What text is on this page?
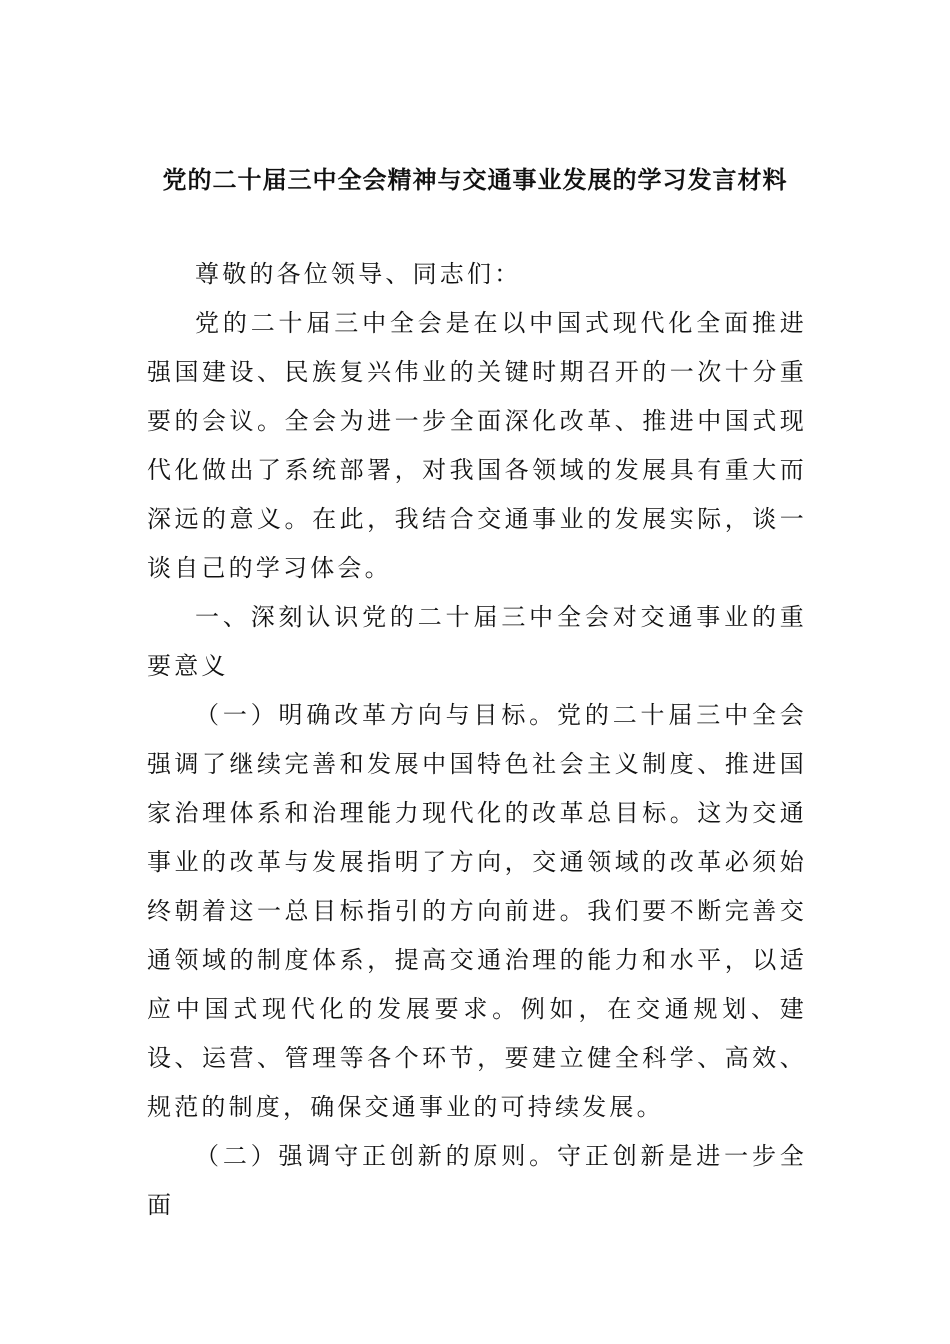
党的二十届三中全会精神与交通事业发展的学习发言材料

尊敬的各位领导、同志们：

党的二十届三中全会是在以中国式现代化全面推进强国建设、民族复兴伟业的关键时期召开的一次十分重要的会议。全会为进一步全面深化改革、推进中国式现代化做出了系统部署，对我国各领域的发展具有重大而深远的意义。在此，我结合交通事业的发展实际，谈一谈自己的学习体会。

一、深刻认识党的二十届三中全会对交通事业的重要意义

（一）明确改革方向与目标。党的二十届三中全会强调了继续完善和发展中国特色社会主义制度、推进国家治理体系和治理能力现代化的改革总目标。这为交通事业的改革与发展指明了方向，交通领域的改革必须始终朝着这一总目标指引的方向前进。我们要不断完善交通领域的制度体系，提高交通治理的能力和水平，以适应中国式现代化的发展要求。例如，在交通规划、建设、运营、管理等各个环节，要建立健全科学、高效、规范的制度，确保交通事业的可持续发展。

（二）强调守正创新的原则。守正创新是进一步全面
